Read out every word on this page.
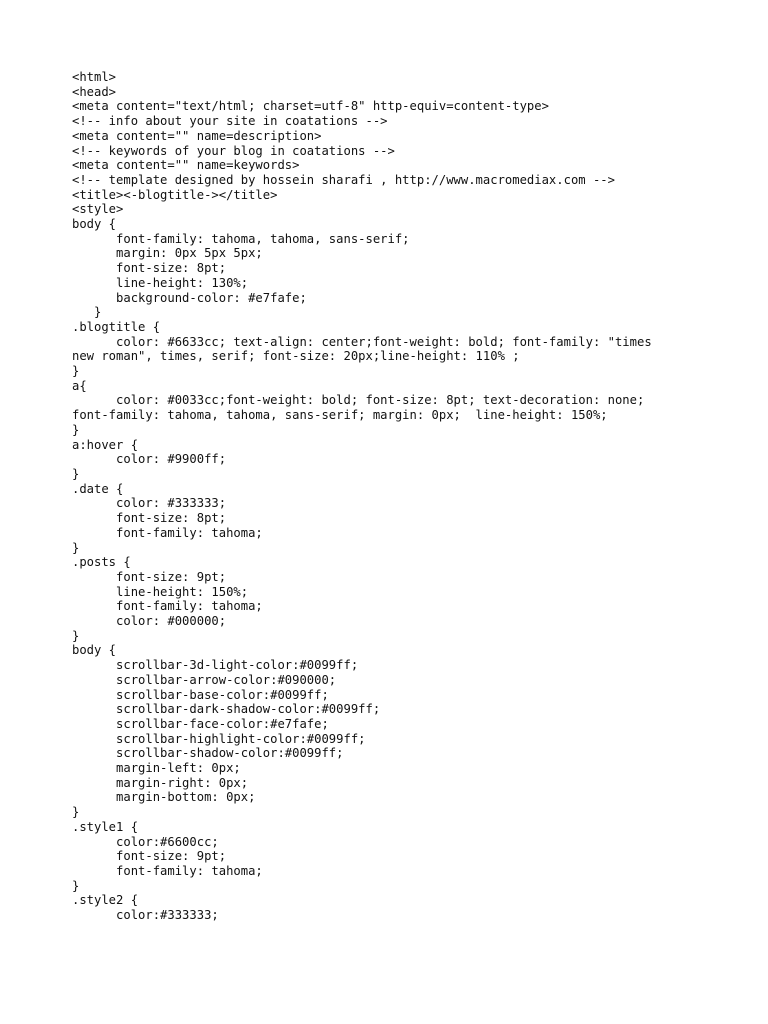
<html>
<head>
<meta content="text/html; charset=utf-8" http-equiv=content-type>
<!-- info about your site in coatations -->
<meta content="" name=description>
<!-- keywords of your blog in coatations -->
<meta content="" name=keywords>
<!-- template designed by hossein sharafi , http://www.macromediax.com -->
<title><-blogtitle-></title>
<style>
body {
font-family: tahoma, tahoma, sans-serif;
margin: 0px 5px 5px;
font-size: 8pt;
line-height: 130%;
background-color: #e7fafe;
}
.blogtitle {
color: #6633cc; text-align: center;font-weight: bold; font-family: "times
new roman", times, serif; font-size: 20px;line-height: 110% ;
}
a{
color: #0033cc;font-weight: bold; font-size: 8pt; text-decoration: none;
font-family: tahoma, tahoma, sans-serif; margin: 0px;  line-height: 150%;
}
a:hover {
color: #9900ff;
}
.date {
color: #333333;
font-size: 8pt;
font-family: tahoma;
}
.posts {
font-size: 9pt;
line-height: 150%;
font-family: tahoma;
color: #000000;
}
body {
scrollbar-3d-light-color:#0099ff;
scrollbar-arrow-color:#090000;
scrollbar-base-color:#0099ff;
scrollbar-dark-shadow-color:#0099ff;
scrollbar-face-color:#e7fafe;
scrollbar-highlight-color:#0099ff;
scrollbar-shadow-color:#0099ff;
margin-left: 0px;
margin-right: 0px;
margin-bottom: 0px;
}
.style1 {
color:#6600cc;
font-size: 9pt;
font-family: tahoma;
}
.style2 {
color:#333333;
